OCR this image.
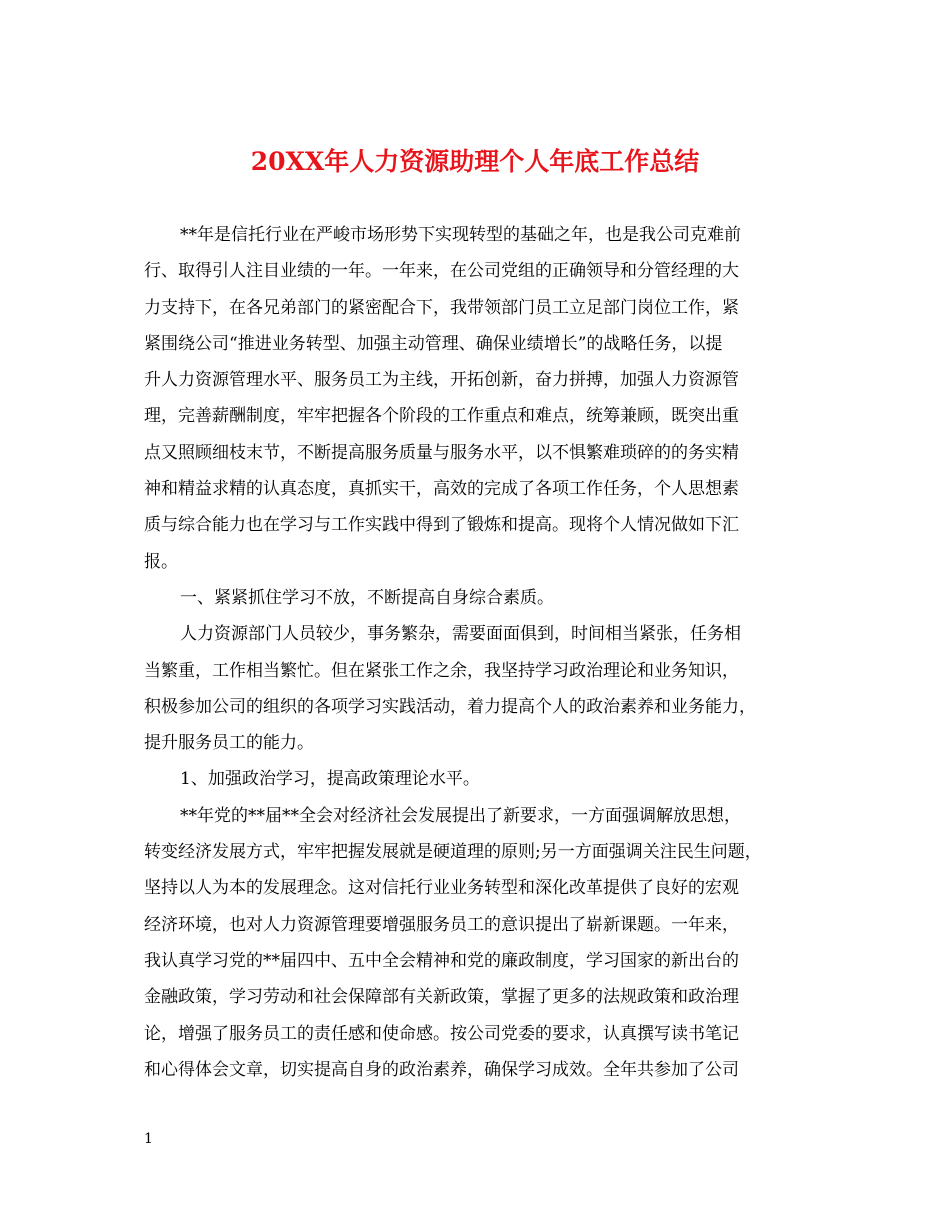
20XX年人力资源助理个人年底工作总结
**年是信托行业在严峻市场形势下实现转型的基础之年，也是我公司克难前
行、取得引人注目业绩的一年。一年来，在公司党组的正确领导和分管经理的大
力支持下，在各兄弟部门的紧密配合下，我带领部门员工立足部门岗位工作，紧
紧围绕公司“推进业务转型、加强主动管理、确保业绩增长”的战略任务，以提
升人力资源管理水平、服务员工为主线，开拓创新，奋力拼搏，加强人力资源管
理，完善薪酬制度，牢牢把握各个阶段的工作重点和难点，统筹兼顾，既突出重
点又照顾细枝末节，不断提高服务质量与服务水平，以不惧繁难琐碎的的务实精
神和精益求精的认真态度，真抓实干，高效的完成了各项工作任务，个人思想素
质与综合能力也在学习与工作实践中得到了锻炼和提高。现将个人情况做如下汇
报。
一、紧紧抓住学习不放，不断提高自身综合素质。
人力资源部门人员较少，事务繁杂，需要面面俱到，时间相当紧张，任务相
当繁重，工作相当繁忙。但在紧张工作之余，我坚持学习政治理论和业务知识，
积极参加公司的组织的各项学习实践活动，着力提高个人的政治素养和业务能力，
提升服务员工的能力。
1、加强政治学习，提高政策理论水平。
**年党的**届**全会对经济社会发展提出了新要求，一方面强调解放思想，
转变经济发展方式，牢牢把握发展就是硬道理的原则;另一方面强调关注民生问题，
坚持以人为本的发展理念。这对信托行业业务转型和深化改革提供了良好的宏观
经济环境，也对人力资源管理要增强服务员工的意识提出了崭新课题。一年来，
我认真学习党的**届四中、五中全会精神和党的廉政制度，学习国家的新出台的
金融政策，学习劳动和社会保障部有关新政策，掌握了更多的法规政策和政治理
论，增强了服务员工的责任感和使命感。按公司党委的要求，认真撰写读书笔记
和心得体会文章，切实提高自身的政治素养，确保学习成效。全年共参加了公司
1
